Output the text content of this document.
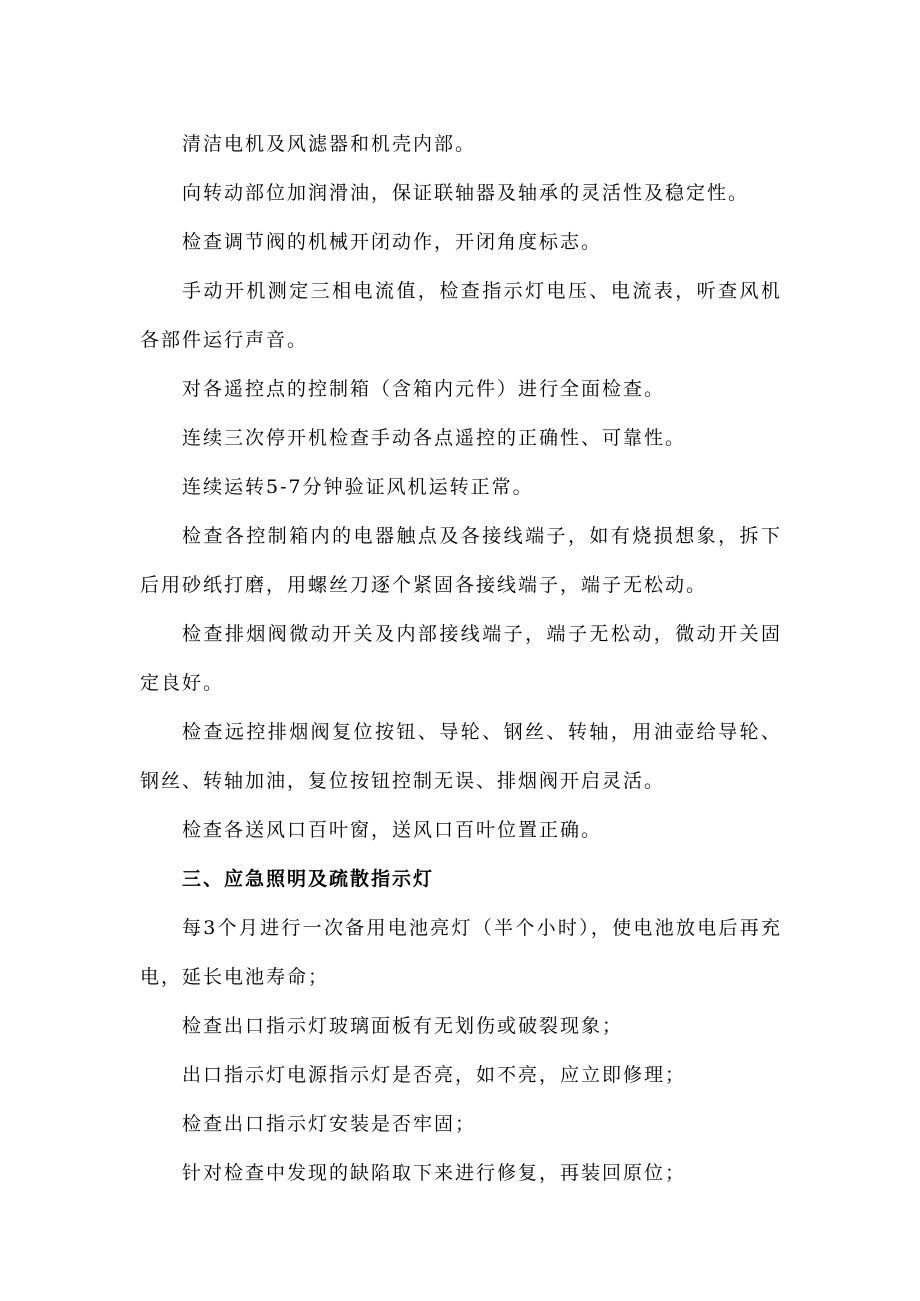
清洁电机及风滤器和机壳内部。

向转动部位加润滑油，保证联轴器及轴承的灵活性及稳定性。

检查调节阀的机械开闭动作，开闭角度标志。

手动开机测定三相电流值，检查指示灯电压、电流表，听查风机各部件运行声音。

对各遥控点的控制箱（含箱内元件）进行全面检查。

连续三次停开机检查手动各点遥控的正确性、可靠性。

连续运转5-7分钟验证风机运转正常。

检查各控制箱内的电器触点及各接线端子，如有烧损想象，拆下后用砂纸打磨，用螺丝刀逐个紧固各接线端子，端子无松动。

检查排烟阀微动开关及内部接线端子，端子无松动，微动开关固定良好。

检查远控排烟阀复位按钮、导轮、钢丝、转轴，用油壶给导轮、钢丝、转轴加油，复位按钮控制无误、排烟阀开启灵活。

检查各送风口百叶窗，送风口百叶位置正确。

三、应急照明及疏散指示灯

每3个月进行一次备用电池亮灯（半个小时），使电池放电后再充电，延长电池寿命；

检查出口指示灯玻璃面板有无划伤或破裂现象；

出口指示灯电源指示灯是否亮，如不亮，应立即修理；

检查出口指示灯安装是否牢固；

针对检查中发现的缺陷取下来进行修复，再装回原位；
